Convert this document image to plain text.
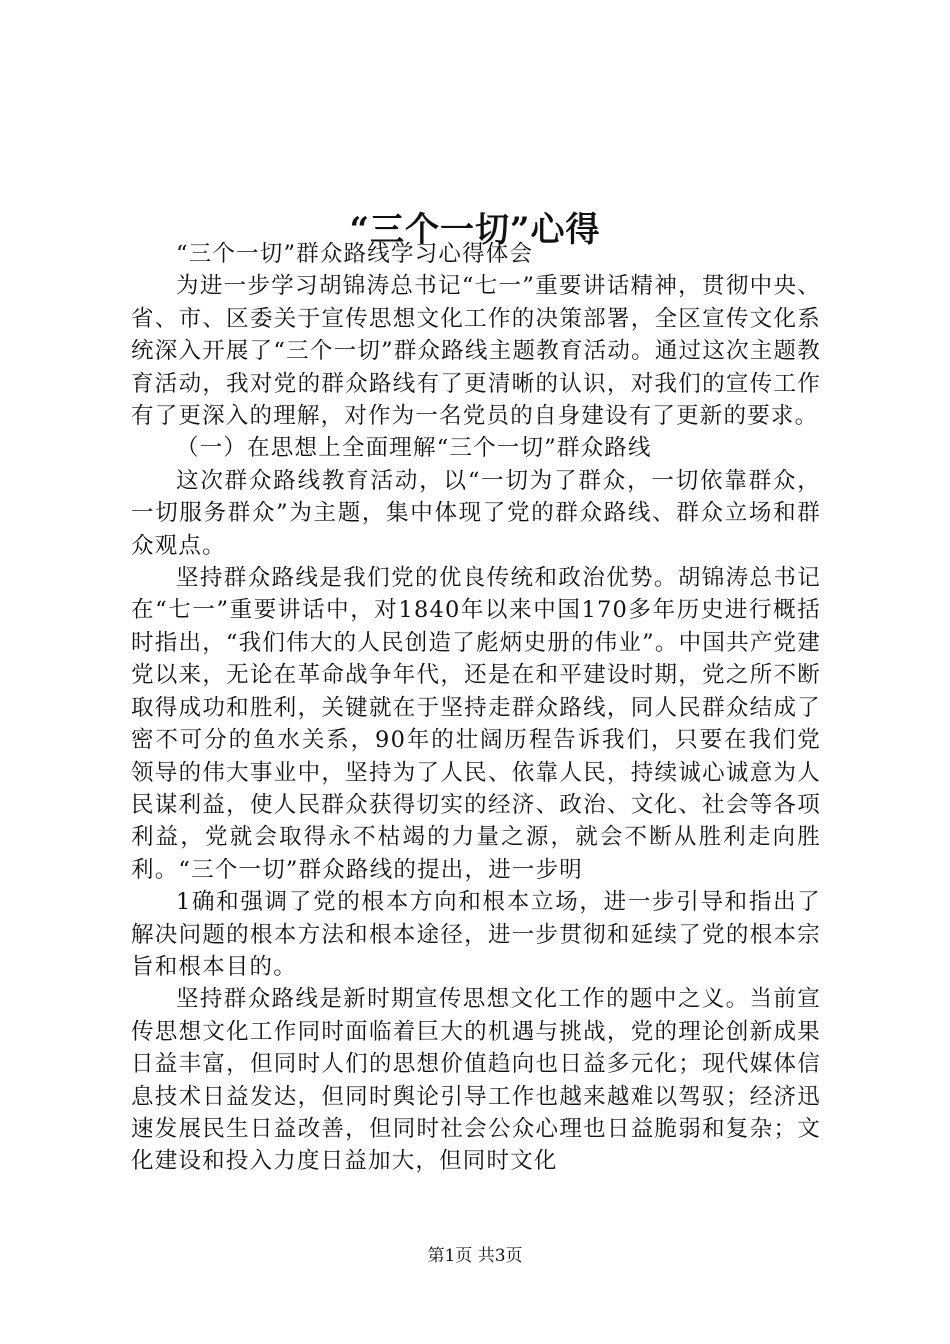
“三个一切”心得

“三个一切”群众路线学习心得体会

为进一步学习胡锦涛总书记“七一”重要讲话精神，贯彻中央、省、市、区委关于宣传思想文化工作的决策部署，全区宣传文化系统深入开展了“三个一切”群众路线主题教育活动。通过这次主题教育活动，我对党的群众路线有了更清晰的认识，对我们的宣传工作有了更深入的理解，对作为一名党员的自身建设有了更新的要求。

（一）在思想上全面理解“三个一切”群众路线

这次群众路线教育活动，以“一切为了群众，一切依靠群众，一切服务群众”为主题，集中体现了党的群众路线、群众立场和群众观点。

坚持群众路线是我们党的优良传统和政治优势。胡锦涛总书记在“七一”重要讲话中，对1840年以来中国170多年历史进行概括时指出，“我们伟大的人民创造了彪炳史册的伟业”。中国共产党建党以来，无论在革命战争年代，还是在和平建设时期，党之所不断取得成功和胜利，关键就在于坚持走群众路线，同人民群众结成了密不可分的鱼水关系，90年的壮阔历程告诉我们，只要在我们党领导的伟大事业中，坚持为了人民、依靠人民，持续诚心诚意为人民谋利益，使人民群众获得切实的经济、政治、文化、社会等各项利益，党就会取得永不枯竭的力量之源，就会不断从胜利走向胜利。“三个一切”群众路线的提出，进一步明

1确和强调了党的根本方向和根本立场，进一步引导和指出了解决问题的根本方法和根本途径，进一步贯彻和延续了党的根本宗旨和根本目的。

坚持群众路线是新时期宣传思想文化工作的题中之义。当前宣传思想文化工作同时面临着巨大的机遇与挑战，党的理论创新成果日益丰富，但同时人们的思想价值趋向也日益多元化；现代媒体信息技术日益发达，但同时舆论引导工作也越来越难以驾驭；经济迅速发展民生日益改善，但同时社会公众心理也日益脆弱和复杂；文化建设和投入力度日益加大，但同时文化

第1页 共3页
